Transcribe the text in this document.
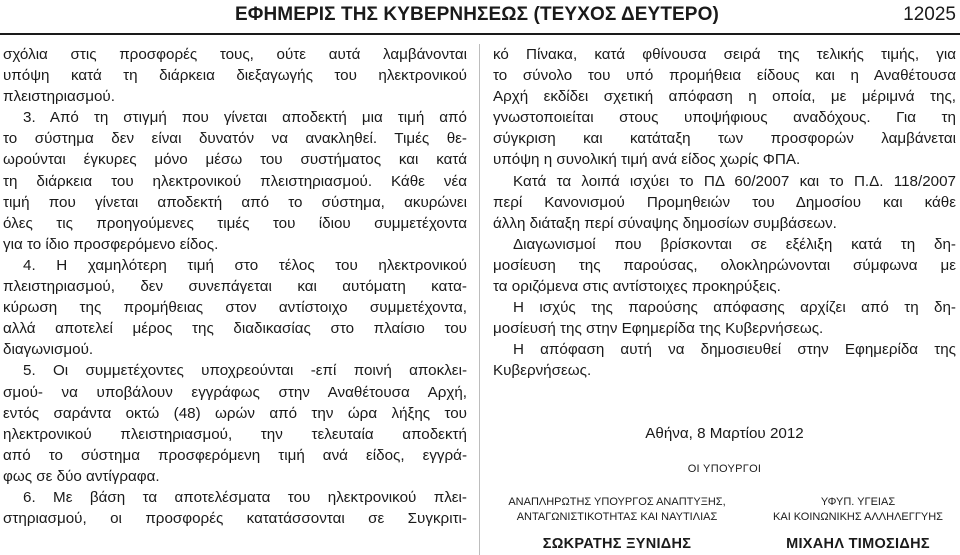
ΕΦΗΜΕΡΙΣ ΤΗΣ ΚΥΒΕΡΝΗΣΕΩΣ (ΤΕΥΧΟΣ ΔΕΥΤΕΡΟ)	12025
σχόλια στις προσφορές τους, ούτε αυτά λαμβάνονται
υπόψη κατά τη διάρκεια διεξαγωγής του ηλεκτρονικού
πλειστηριασμού.
3. Από τη στιγμή που γίνεται αποδεκτή μια τιμή από
το σύστημα δεν είναι δυνατόν να ανακληθεί. Τιμές θε-
ωρούνται έγκυρες μόνο μέσω του συστήματος και κατά
τη διάρκεια του ηλεκτρονικού πλειστηριασμού. Κάθε νέα
τιμή που γίνεται αποδεκτή από το σύστημα, ακυρώνει
όλες τις προηγούμενες τιμές του ίδιου συμμετέχοντα
για το ίδιο προσφερόμενο είδος.
4. Η χαμηλότερη τιμή στο τέλος του ηλεκτρονικού
πλειστηριασμού, δεν συνεπάγεται και αυτόματη κατα-
κύρωση της προμήθειας στον αντίστοιχο συμμετέχοντα,
αλλά αποτελεί μέρος της διαδικασίας στο πλαίσιο του
διαγωνισμού.
5. Οι συμμετέχοντες υποχρεούνται -επί ποινή αποκλει-
σμού- να υποβάλουν εγγράφως στην Αναθέτουσα Αρχή,
εντός σαράντα οκτώ (48) ωρών από την ώρα λήξης του
ηλεκτρονικού πλειστηριασμού, την τελευταία αποδεκτή
από το σύστημα προσφερόμενη τιμή ανά είδος, εγγρά-
φως σε δύο αντίγραφα.
6. Με βάση τα αποτελέσματα του ηλεκτρονικού πλει-
στηριασμού, οι προσφορές κατατάσσονται σε Συγκριτι-
κό Πίνακα, κατά φθίνουσα σειρά της τελικής τιμής, για
το σύνολο του υπό προμήθεια είδους και η Αναθέτουσα
Αρχή εκδίδει σχετική απόφαση η οποία, με μέριμνά της,
γνωστοποιείται στους υποψήφιους αναδόχους. Για τη
σύγκριση και κατάταξη των προσφορών λαμβάνεται
υπόψη η συνολική τιμή ανά είδος χωρίς ΦΠΑ.
Κατά τα λοιπά ισχύει το ΠΔ 60/2007 και το Π.Δ. 118/2007
περί Κανονισμού Προμηθειών του Δημοσίου και κάθε
άλλη διάταξη περί σύναψης δημοσίων συμβάσεων.
Διαγωνισμοί που βρίσκονται σε εξέλιξη κατά τη δη-
μοσίευση της παρούσας, ολοκληρώνονται σύμφωνα με
τα οριζόμενα στις αντίστοιχες προκηρύξεις.
Η ισχύς της παρούσης απόφασης αρχίζει από τη δη-
μοσίευσή της στην Εφημερίδα της Κυβερνήσεως.
Η απόφαση αυτή να δημοσιευθεί στην Εφημερίδα της
Κυβερνήσεως.
Αθήνα, 8 Μαρτίου 2012
ΟΙ ΥΠΟΥΡΓΟΙ
ΑΝΑΠΛΗΡΩΤΗΣ ΥΠΟΥΡΓΟΣ ΑΝΑΠΤΥΞΗΣ,
ΑΝΤΑΓΩΝΙΣΤΙΚΟΤΗΤΑΣ ΚΑΙ ΝΑΥΤΙΛΙΑΣ
ΣΩΚΡΑΤΗΣ ΞΥΝΙΔΗΣ
ΥΦΥΠ. ΥΓΕΙΑΣ
ΚΑΙ ΚΟΙΝΩΝΙΚΗΣ ΑΛΛΗΛΕΓΓΥΗΣ
ΜΙΧΑΗΛ ΤΙΜΟΣΙΔΗΣ
